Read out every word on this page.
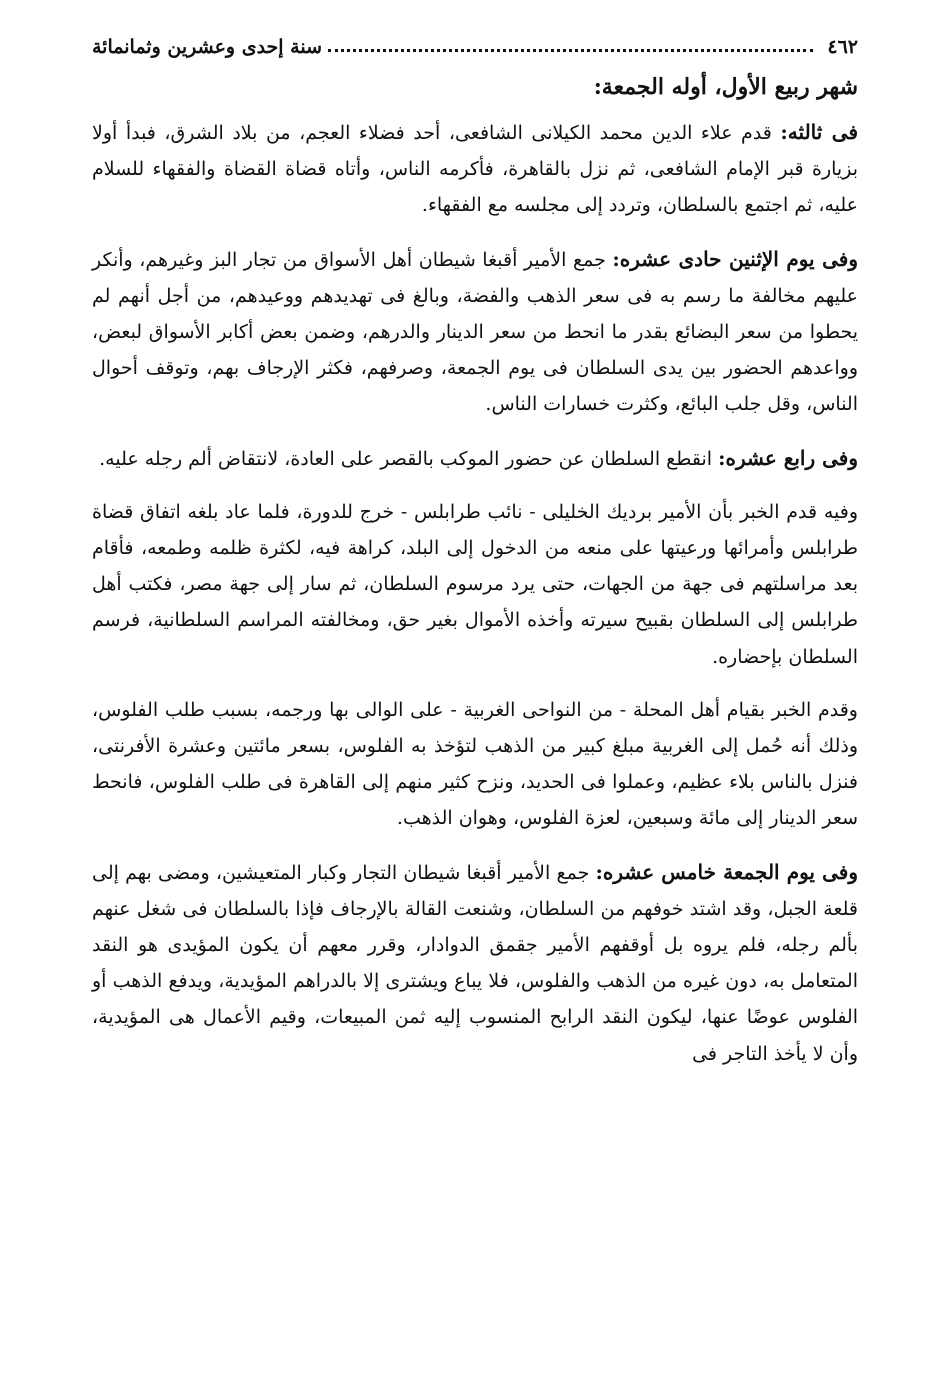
٤٦٢
سنة إحدى وعشرين وثمانمائة
شهر ربيع الأول، أوله الجمعة:

فى ثالثه: قدم علاء الدين محمد الكيلانى الشافعى، أحد فضلاء العجم، من بلاد الشرق، فبدأ أولا بزيارة قبر الإمام الشافعى، ثم نزل بالقاهرة، فأكرمه الناس، وأتاه قضاة القضاة والفقهاء للسلام عليه، ثم اجتمع بالسلطان، وتردد إلى مجلسه مع الفقهاء.

وفى يوم الإثنين حادى عشره: جمع الأمير أقبغا شيطان أهل الأسواق من تجار البز وغيرهم، وأنكر عليهم مخالفة ما رسم به فى سعر الذهب والفضة، وبالغ فى تهديدهم ووعيدهم، من أجل أنهم لم يحطوا من سعر البضائع بقدر ما انحط من سعر الدينار والدرهم، وضمن بعض أكابر الأسواق لبعض، وواعدهم الحضور بين يدى السلطان فى يوم الجمعة، وصرفهم، فكثر الإرجاف بهم، وتوقف أحوال الناس، وقل جلب البائع، وكثرت خسارات الناس.

وفى رابع عشره: انقطع السلطان عن حضور الموكب بالقصر على العادة، لانتقاض ألم رجله عليه.

وفيه قدم الخبر بأن الأمير برديك الخليلى - نائب طرابلس - خرج للدورة، فلما عاد بلغه اتفاق قضاة طرابلس وأمرائها ورعيتها على منعه من الدخول إلى البلد، كراهة فيه، لكثرة ظلمه وطمعه، فأقام بعد مراسلتهم فى جهة من الجهات، حتى يرد مرسوم السلطان، ثم سار إلى جهة مصر، فكتب أهل طرابلس إلى السلطان بقبيح سيرته وأخذه الأموال بغير حق، ومخالفته المراسم السلطانية، فرسم السلطان بإحضاره.

وقدم الخبر بقيام أهل المحلة - من النواحى الغربية - على الوالى بها ورجمه، بسبب طلب الفلوس، وذلك أنه حُمل إلى الغربية مبلغ كبير من الذهب لتؤخذ به الفلوس، بسعر مائتين وعشرة الأفرنتى، فنزل بالناس بلاء عظيم، وعملوا فى الحديد، ونزح كثير منهم إلى القاهرة فى طلب الفلوس، فانحط سعر الدينار إلى مائة وسبعين، لعزة الفلوس، وهوان الذهب.

وفى يوم الجمعة خامس عشره: جمع الأمير أقبغا شيطان التجار وكبار المتعيشين، ومضى بهم إلى قلعة الجبل، وقد اشتد خوفهم من السلطان، وشنعت القالة بالإرجاف فإذا بالسلطان فى شغل عنهم بألم رجله، فلم يروه بل أوقفهم الأمير جقمق الدوادار، وقرر معهم أن يكون المؤيدى هو النقد المتعامل به، دون غيره من الذهب والفلوس، فلا يباع ويشترى إلا بالدراهم المؤيدية، ويدفع الذهب أو الفلوس عوضًا عنها، ليكون النقد الرابح المنسوب إليه ثمن المبيعات، وقيم الأعمال هى المؤيدية، وأن لا يأخذ التاجر فى
